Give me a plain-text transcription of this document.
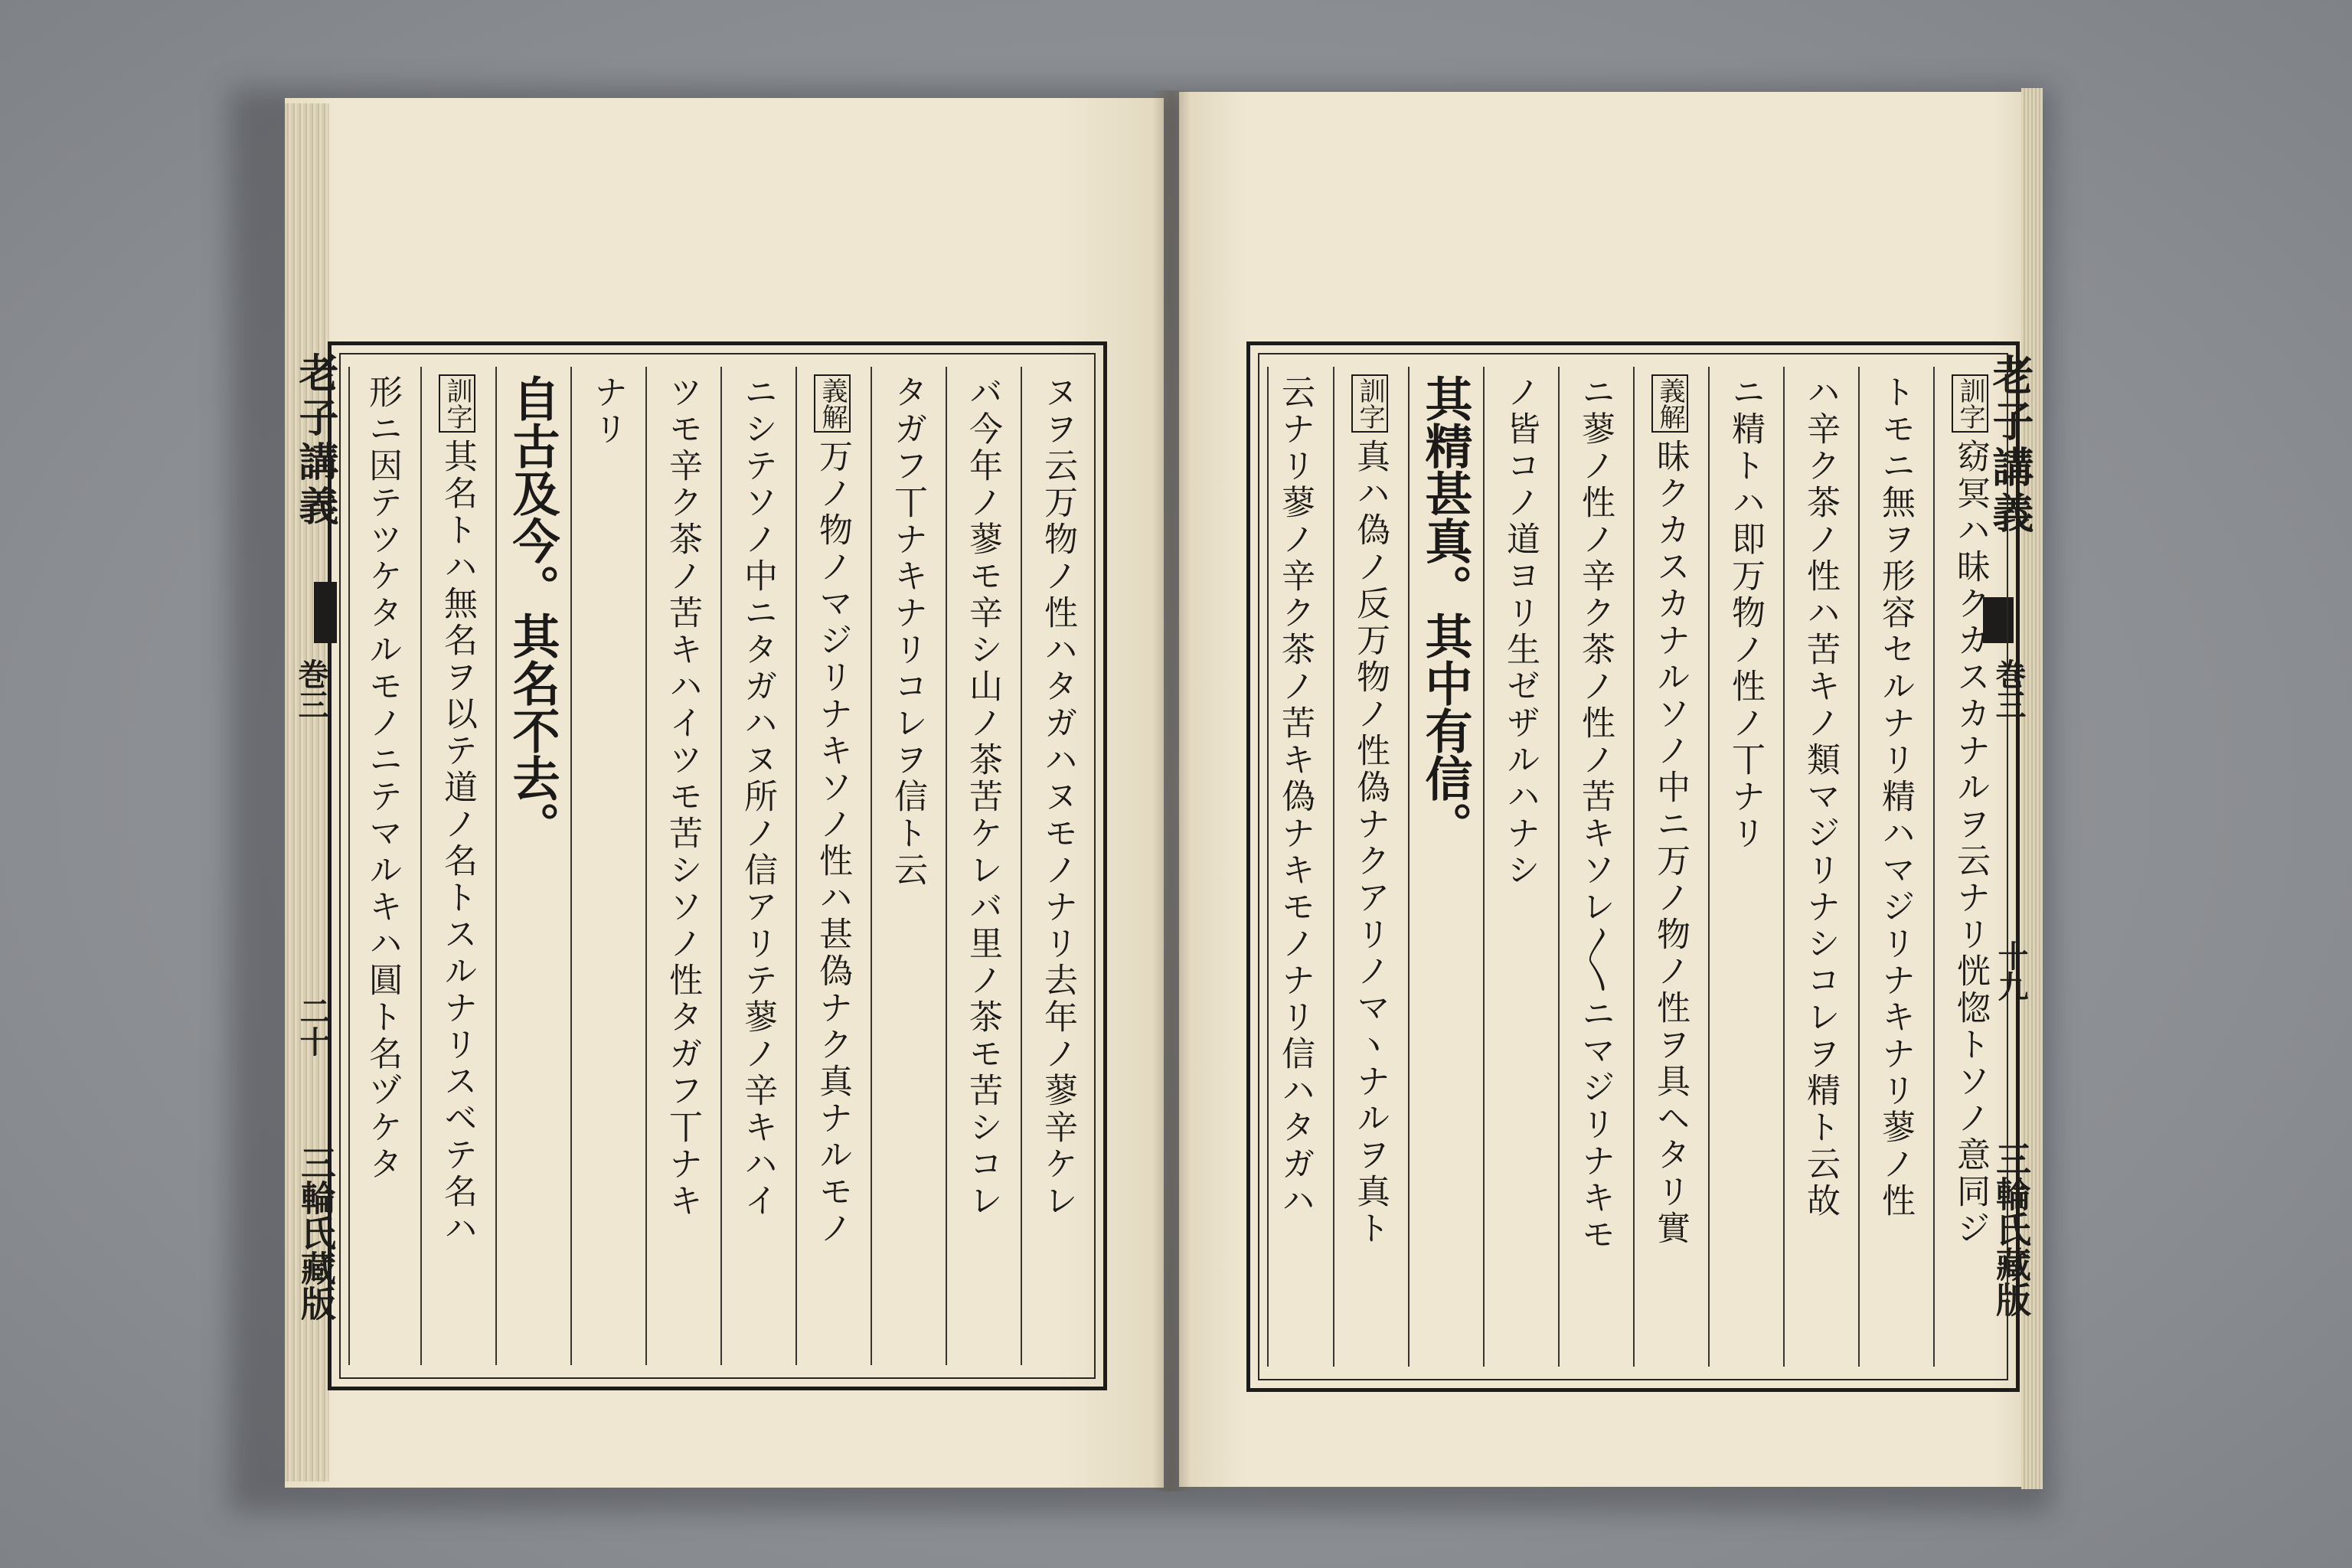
老子講義
巻三
二十
三輪氏藏版
ヌヲ云万物ノ性ハタガハヌモノナリ去年ノ蓼辛ケレ
バ今年ノ蓼モ辛シ山ノ茶苦ケレバ里ノ茶モ苦シコレ
タガフ丅ナキナリコレヲ信ト云
義解万ノ物ノマジリナキソノ性ハ甚偽ナク真ナルモノ
ニシテソノ中ニタガハヌ所ノ信アリテ蓼ノ辛キハイ
ツモ辛ク茶ノ苦キハイツモ苦シソノ性タガフ丅ナキ
ナリ
自古及今。其名不去。
訓字其名トハ無名ヲ以テ道ノ名トスルナリスベテ名ハ
形ニ因テツケタルモノニテマルキハ圓ト名ヅケタ	老子講義
巻三
十九
三輪氏藏版
訓字窈冥ハ昧クカスカナルヲ云ナリ恍惚トソノ意同ジ
トモニ無ヲ形容セルナリ精ハマジリナキナリ蓼ノ性
ハ辛ク茶ノ性ハ苦キノ類マジリナシコレヲ精ト云故
ニ精トハ即万物ノ性ノ丅ナリ
義解昧クカスカナルソノ中ニ万ノ物ノ性ヲ具ヘタリ實
ニ蓼ノ性ノ辛ク茶ノ性ノ苦キソレ〳〵ニマジリナキモ
ノ皆コノ道ヨリ生ゼザルハナシ
其精甚真。其中有信。
訓字真ハ偽ノ反万物ノ性偽ナクアリノマヽナルヲ真ト
云ナリ蓼ノ辛ク茶ノ苦キ偽ナキモノナリ信ハタガハ
